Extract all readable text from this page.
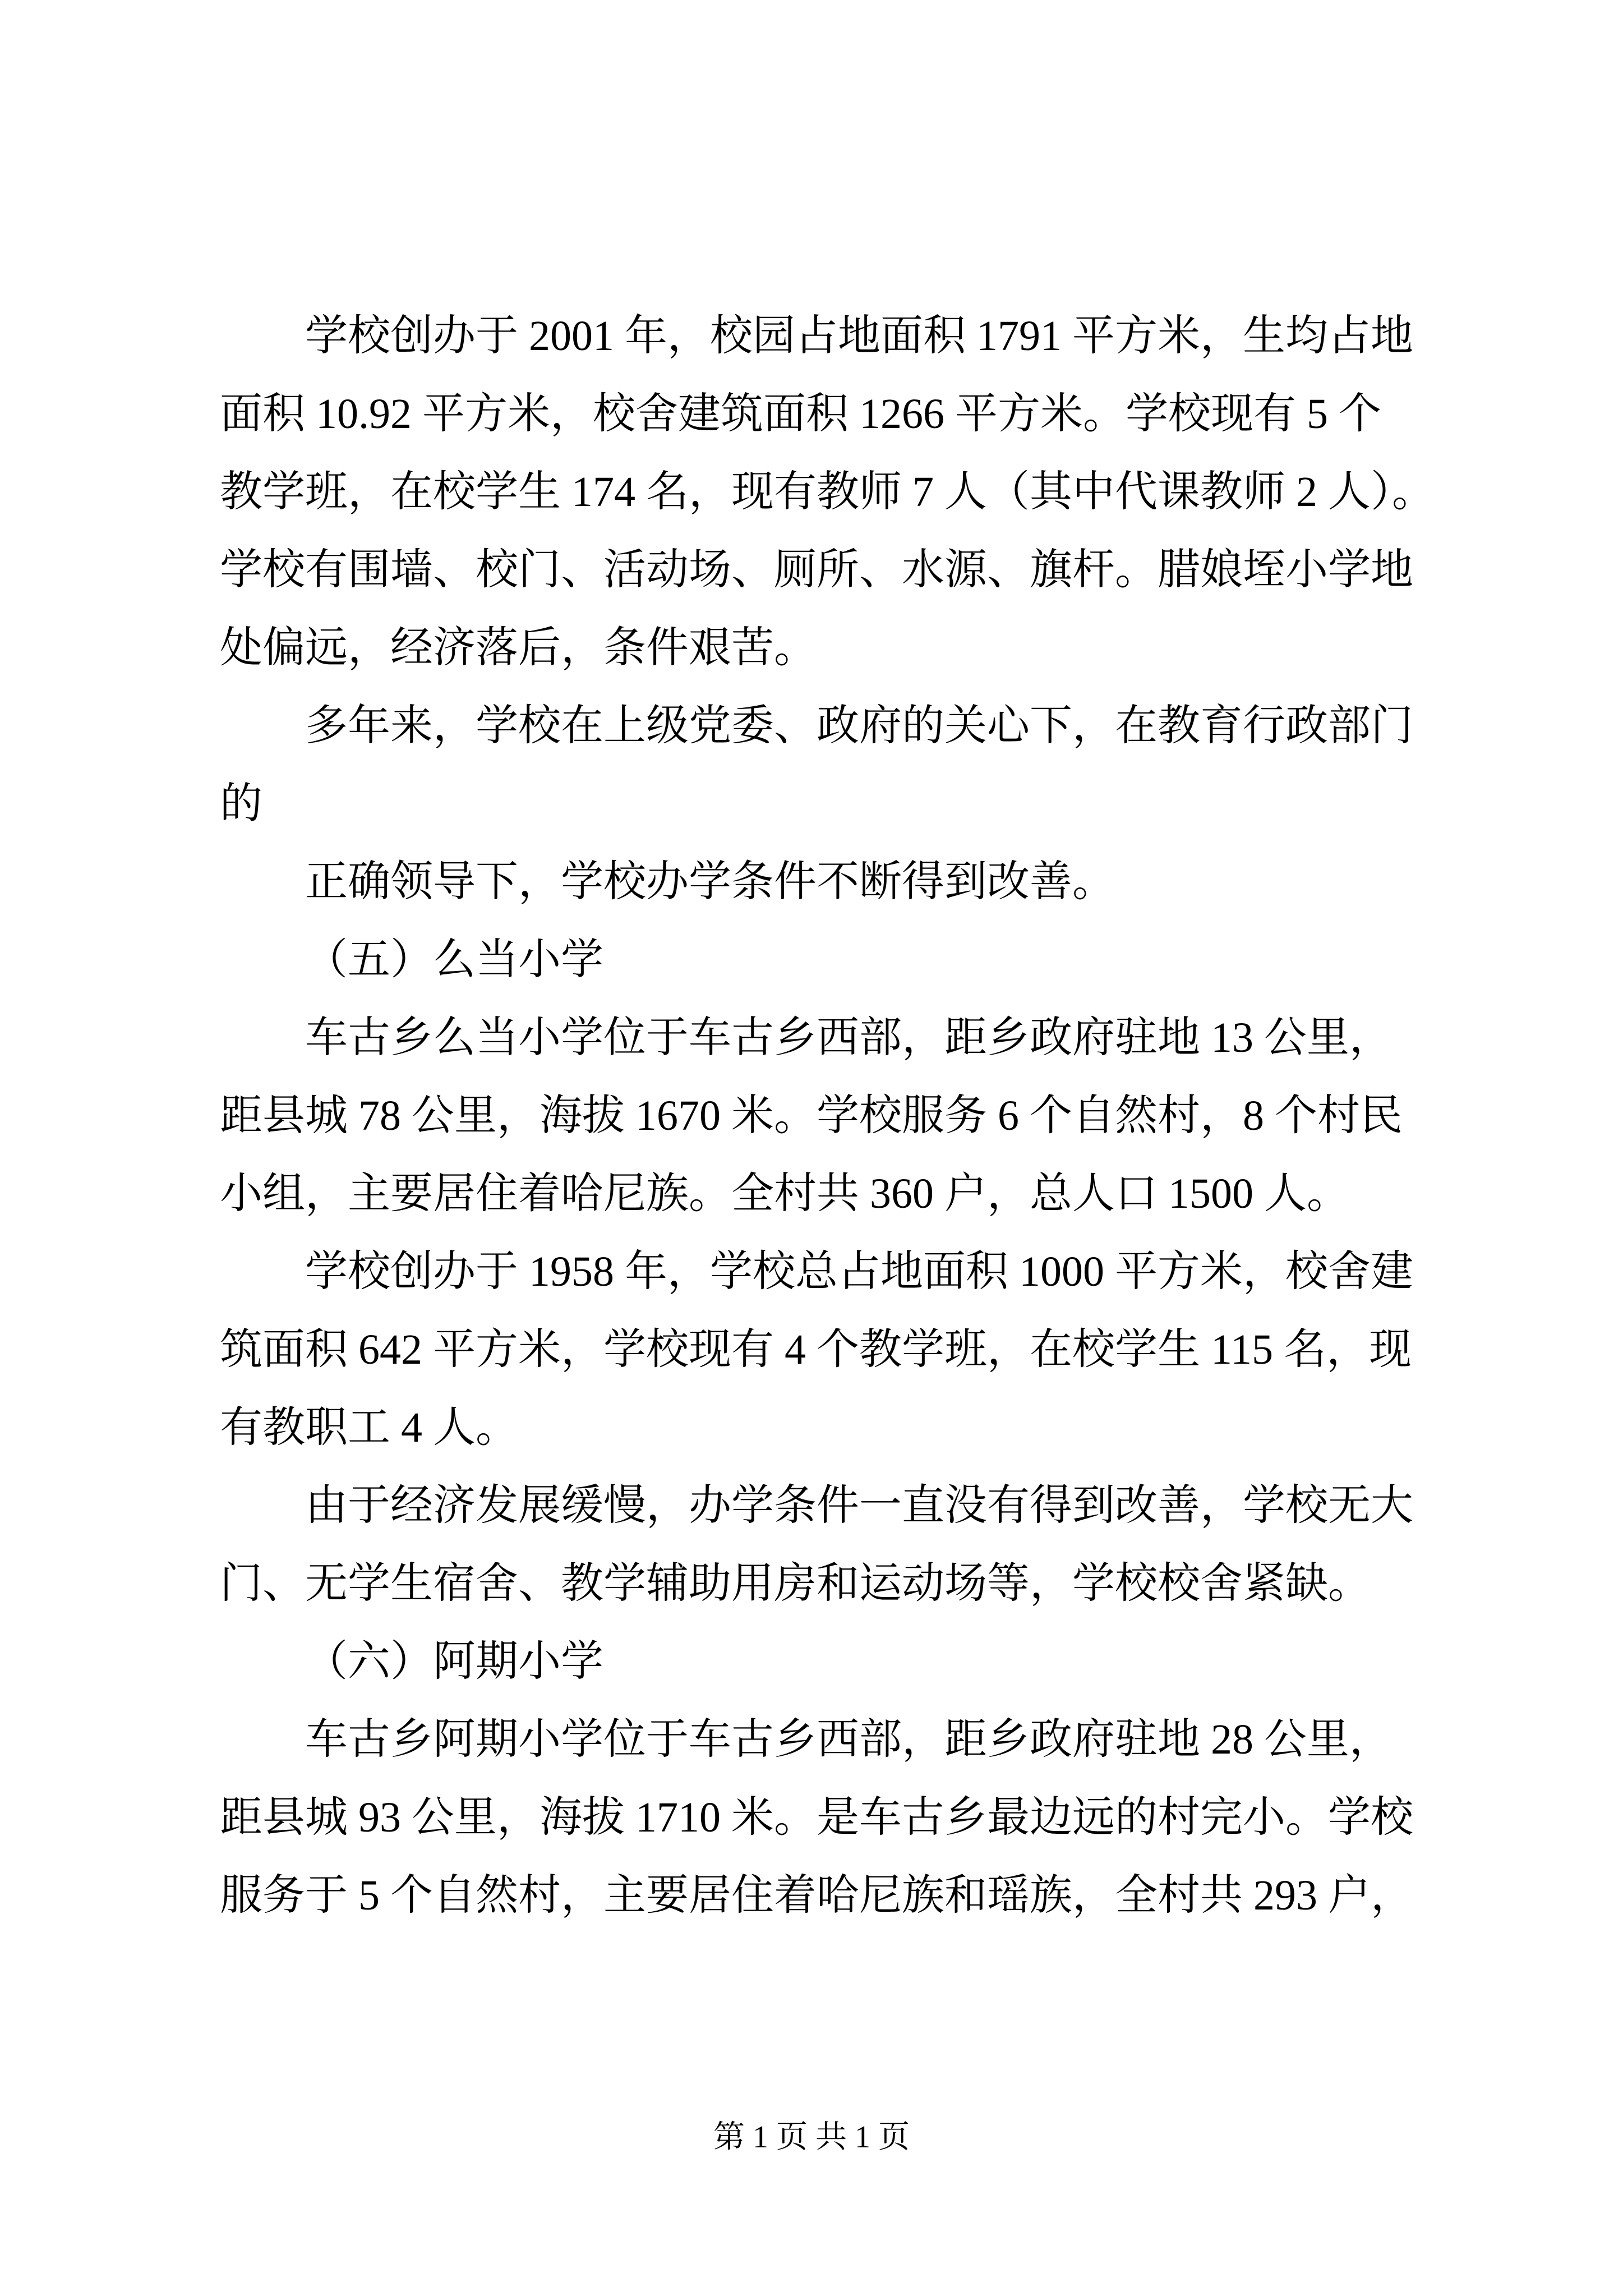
学校创办于 2001 年，校园占地面积 1791 平方米，生均占地
面积 10.92 平方米，校舍建筑面积 1266 平方米。学校现有 5 个
教学班，在校学生 174 名，现有教师 7 人（其中代课教师 2 人）。
学校有围墙、校门、活动场、厕所、水源、旗杆。腊娘垤小学地
处偏远，经济落后，条件艰苦。
多年来，学校在上级党委、政府的关心下，在教育行政部门
的
正确领导下，学校办学条件不断得到改善。
（五）么当小学
车古乡么当小学位于车古乡西部，距乡政府驻地 13 公里，
距县城 78 公里，海拔 1670 米。学校服务 6 个自然村，8 个村民
小组，主要居住着哈尼族。全村共 360 户，总人口 1500 人。
学校创办于 1958 年，学校总占地面积 1000 平方米，校舍建
筑面积 642 平方米，学校现有 4 个教学班，在校学生 115 名，现
有教职工 4 人。
由于经济发展缓慢，办学条件一直没有得到改善，学校无大
门、无学生宿舍、教学辅助用房和运动场等，学校校舍紧缺。
（六）阿期小学
车古乡阿期小学位于车古乡西部，距乡政府驻地 28 公里，
距县城 93 公里，海拔 1710 米。是车古乡最边远的村完小。学校
服务于 5 个自然村，主要居住着哈尼族和瑶族，全村共 293 户，
第 1 页 共 1 页
